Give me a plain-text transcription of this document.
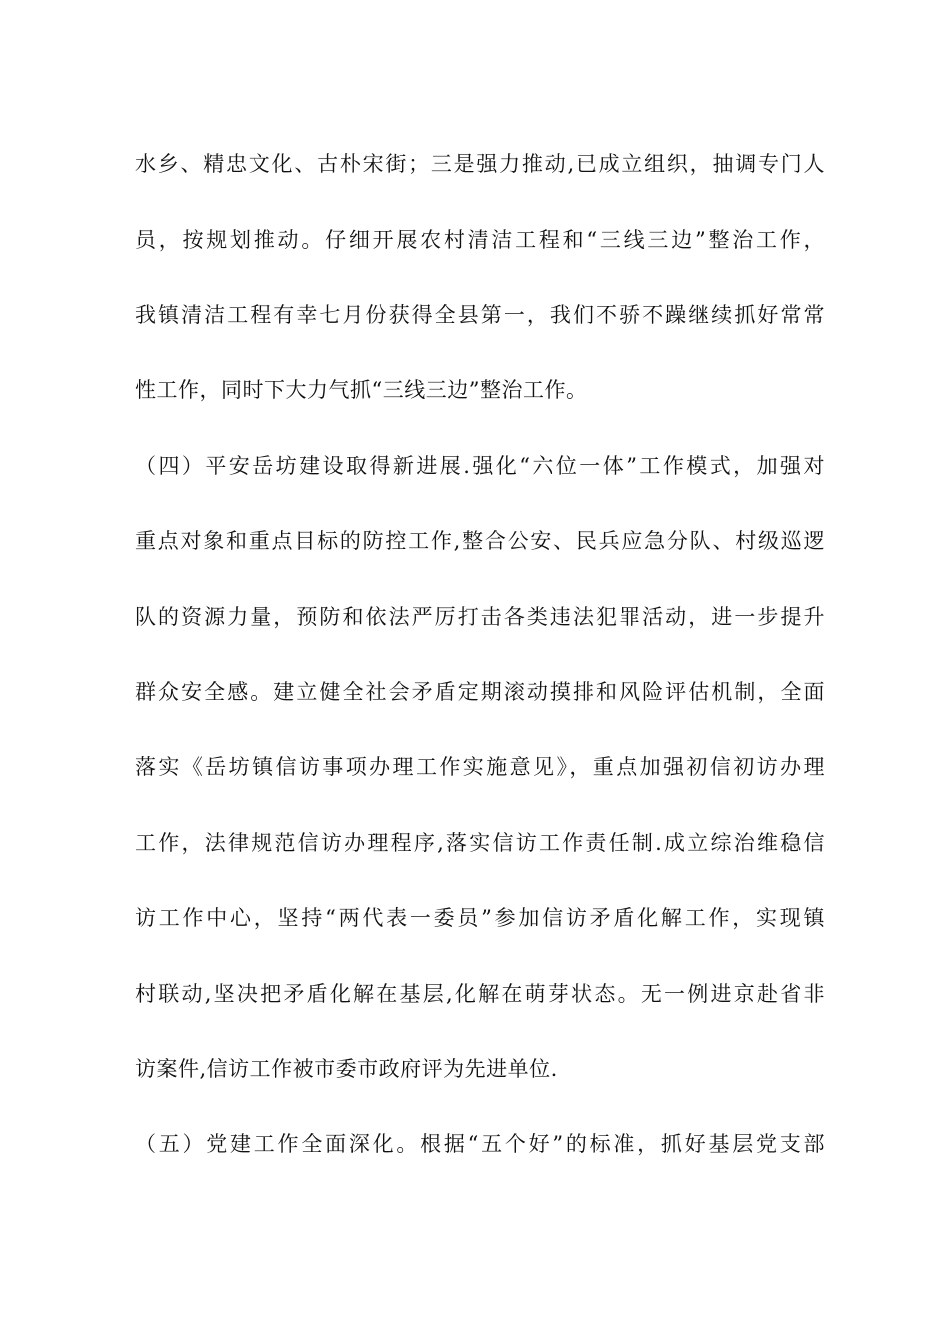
水乡、精忠文化、古朴宋街；三是强力推动,已成立组织，抽调专门人
员，按规划推动。仔细开展农村清洁工程和“三线三边”整治工作，
我镇清洁工程有幸七月份获得全县第一，我们不骄不躁继续抓好常常
性工作，同时下大力气抓“三线三边”整治工作。
（四）平安岳坊建设取得新进展.强化“六位一体”工作模式，加强对
重点对象和重点目标的防控工作,整合公安、民兵应急分队、村级巡逻
队的资源力量，预防和依法严厉打击各类违法犯罪活动，进一步提升
群众安全感。建立健全社会矛盾定期滚动摸排和风险评估机制，全面
落实《岳坊镇信访事项办理工作实施意见》，重点加强初信初访办理
工作，法律规范信访办理程序,落实信访工作责任制.成立综治维稳信
访工作中心，坚持“两代表一委员”参加信访矛盾化解工作，实现镇
村联动,坚决把矛盾化解在基层,化解在萌芽状态。无一例进京赴省非
访案件,信访工作被市委市政府评为先进单位.
（五）党建工作全面深化。根据“五个好”的标准，抓好基层党支部
